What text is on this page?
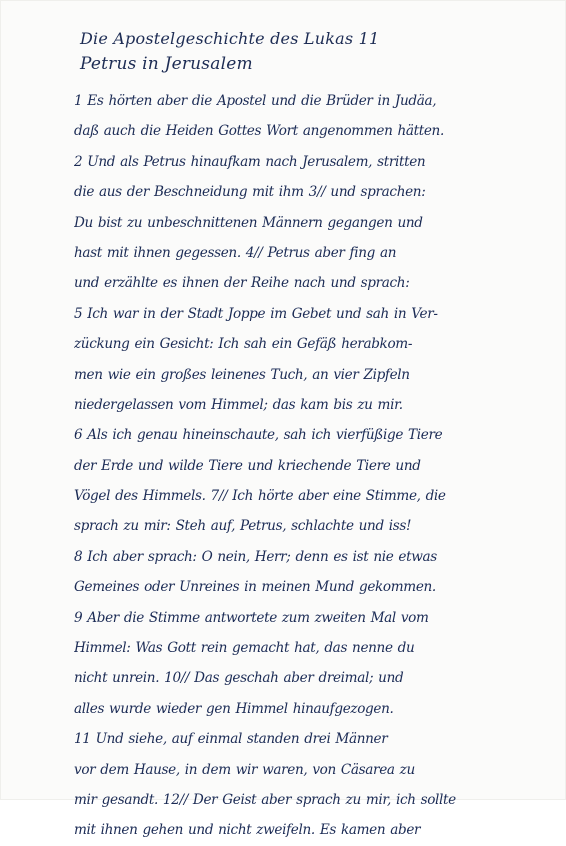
Die Apostelgeschichte des Lukas 11
Petrus in Jerusalem
1 Es hörten aber die Apostel und die Brüder in Judäa,
daß auch die Heiden Gottes Wort angenommen hätten.
2 Und als Petrus hinaufkam nach Jerusalem, stritten
die aus der Beschneidung mit ihm 3// und sprachen:
Du bist zu unbeschnittenen Männern gegangen und
hast mit ihnen gegessen. 4// Petrus aber fing an
und erzählte es ihnen der Reihe nach und sprach:
5 Ich war in der Stadt Joppe im Gebet und sah in Ver-
zückung ein Gesicht: Ich sah ein Gefäß herabkom-
men wie ein großes leinenes Tuch, an vier Zipfeln
niedergelassen vom Himmel; das kam bis zu mir.
6 Als ich genau hineinschaute, sah ich vierfüßige Tiere
der Erde und wilde Tiere und kriechende Tiere und
Vögel des Himmels. 7// Ich hörte aber eine Stimme, die
sprach zu mir: Steh auf, Petrus, schlachte und iss!
8 Ich aber sprach: O nein, Herr; denn es ist nie etwas
Gemeines oder Unreines in meinen Mund gekommen.
9 Aber die Stimme antwortete zum zweiten Mal vom
Himmel: Was Gott rein gemacht hat, das nenne du
nicht unrein. 10// Das geschah aber dreimal; und
alles wurde wieder gen Himmel hinaufgezogen.
11 Und siehe, auf einmal standen drei Männer
vor dem Hause, in dem wir waren, von Cäsarea zu
mir gesandt. 12// Der Geist aber sprach zu mir, ich sollte
mit ihnen gehen und nicht zweifeln. Es kamen aber
